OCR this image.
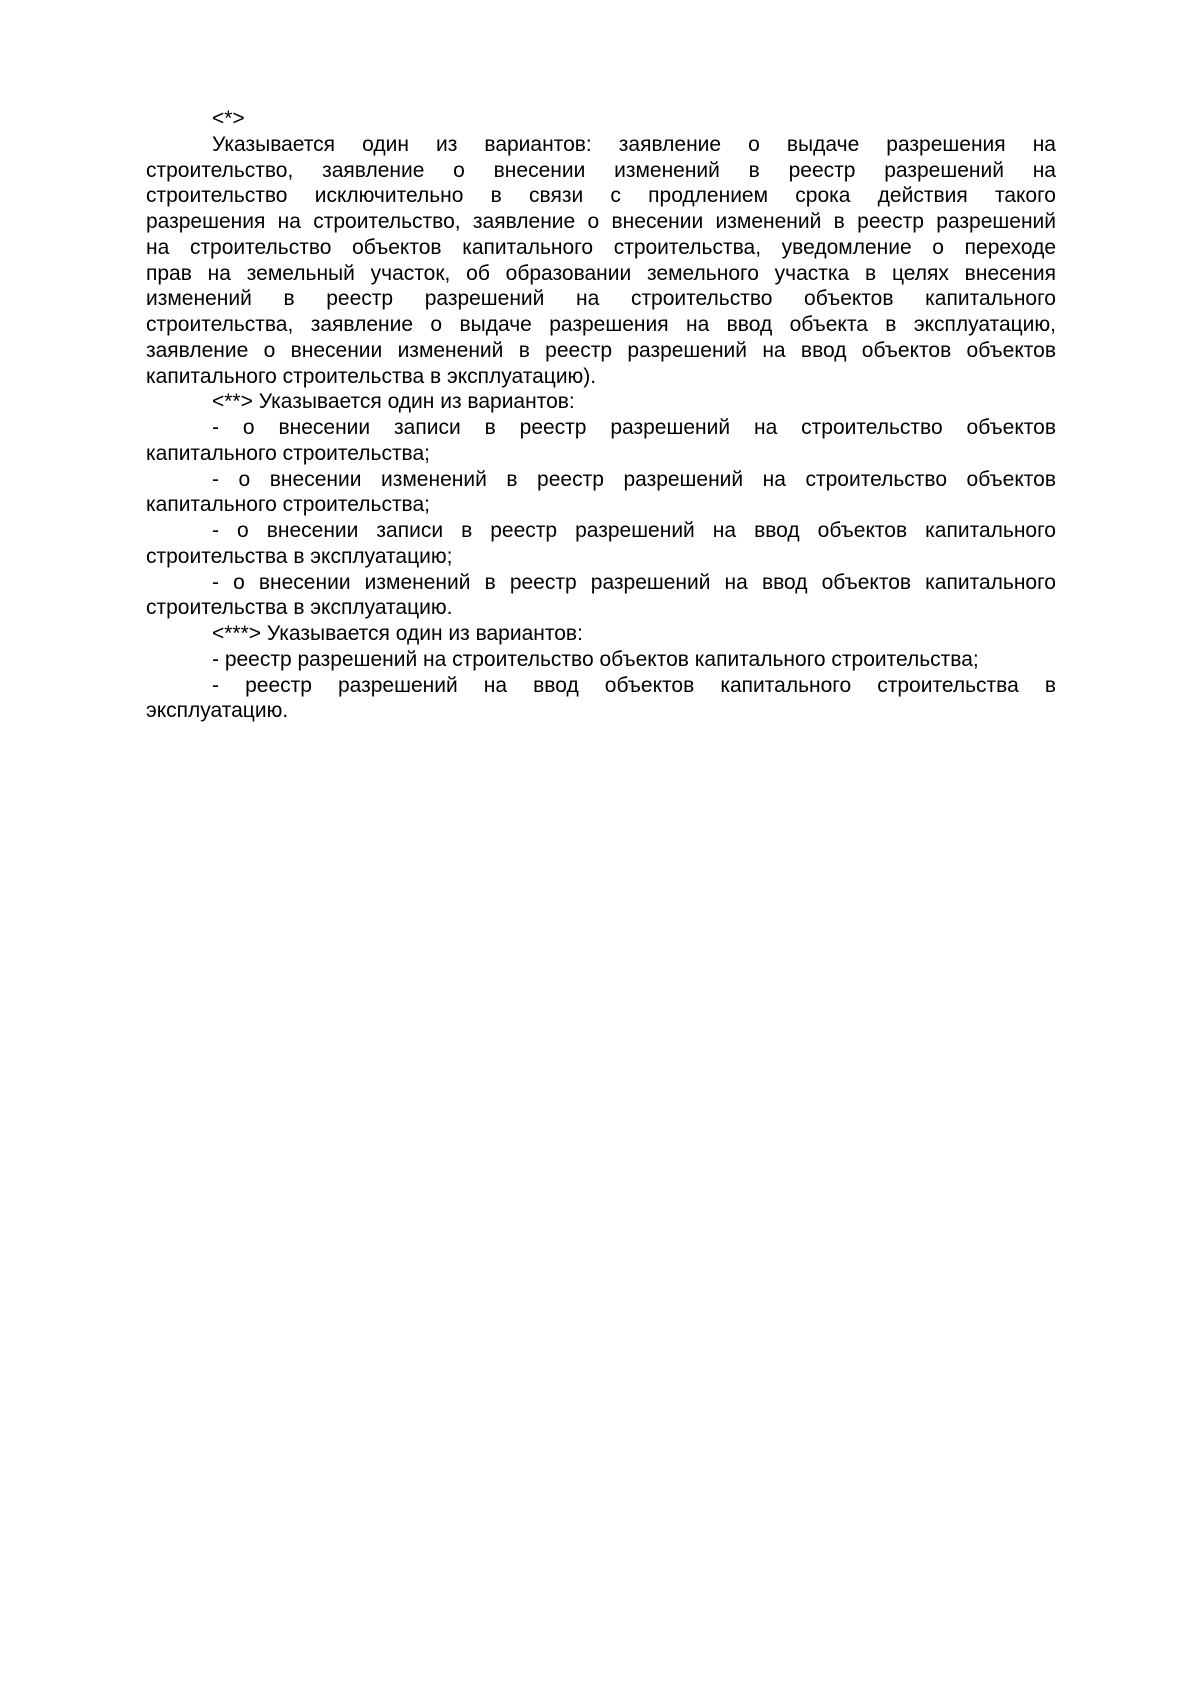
<*>
Указывается один из вариантов: заявление о выдаче разрешения на
строительство, заявление о внесении изменений в реестр разрешений на
строительство исключительно в связи с продлением срока действия такого
разрешения на строительство, заявление о внесении изменений в реестр разрешений
на строительство объектов капитального строительства, уведомление о переходе
прав на земельный участок, об образовании земельного участка в целях внесения
изменений в реестр разрешений на строительство объектов капитального
строительства, заявление о выдаче разрешения на ввод объекта в эксплуатацию,
заявление о внесении изменений в реестр разрешений на ввод объектов объектов
капитального строительства в эксплуатацию).
<**> Указывается один из вариантов:
- о внесении записи в реестр разрешений на строительство объектов
капитального строительства;
- о внесении изменений в реестр разрешений на строительство объектов
капитального строительства;
- о внесении записи в реестр разрешений на ввод объектов капитального
строительства в эксплуатацию;
- о внесении изменений в реестр разрешений на ввод объектов капитального
строительства в эксплуатацию.
<***> Указывается один из вариантов:
- реестр разрешений на строительство объектов капитального строительства;
- реестр разрешений на ввод объектов капитального строительства в
эксплуатацию.
